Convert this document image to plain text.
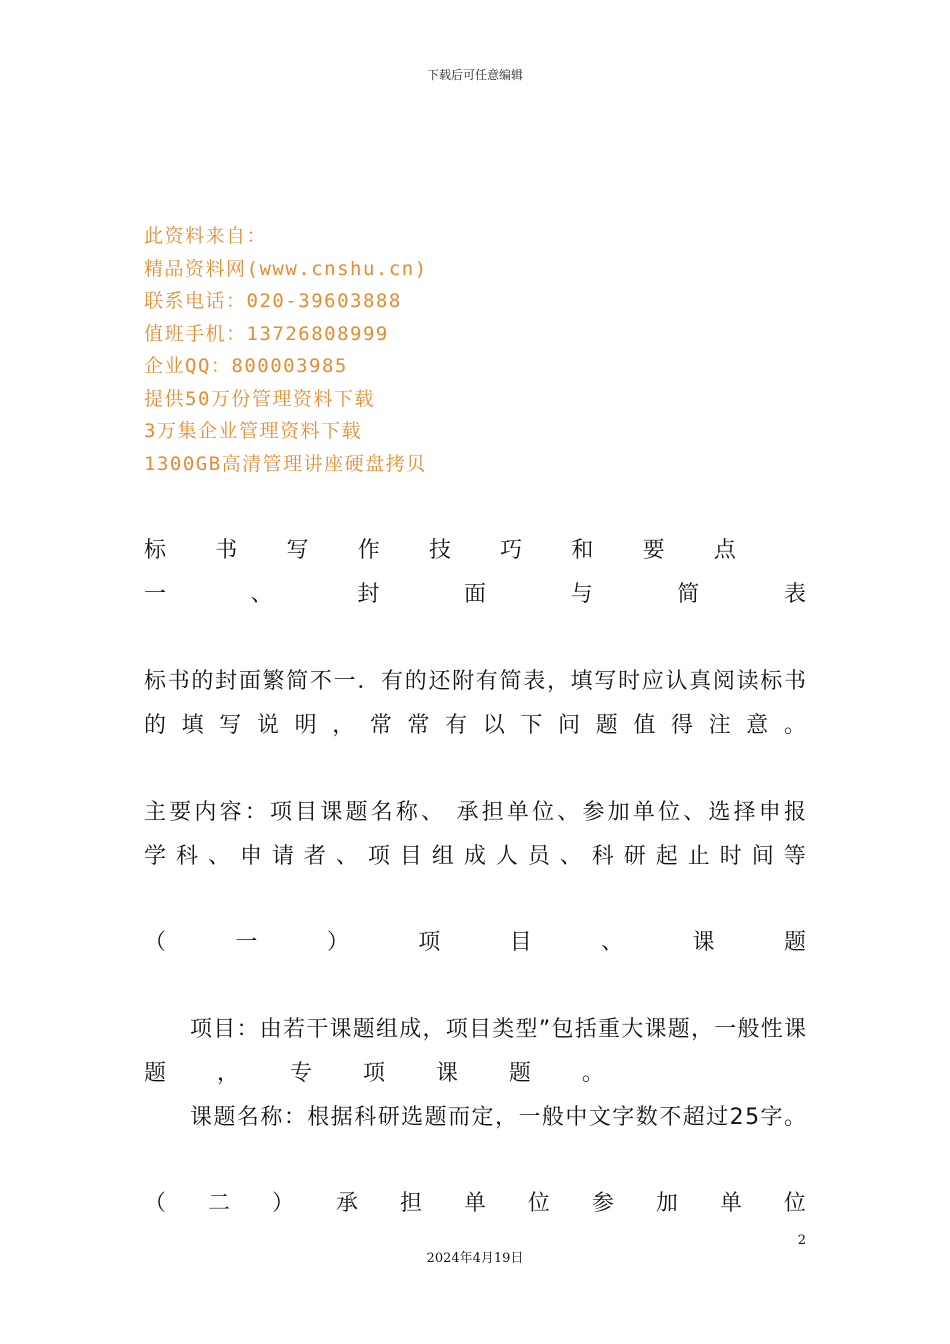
下载后可任意编辑
此资料来自：
精品资料网(www.cnshu.cn)
联系电话：020-39603888
值班手机：13726808999
企业QQ：800003985
提供50万份管理资料下载
3万集企业管理资料下载
1300GB高清管理讲座硬盘拷贝
标 书 写 作 技 巧 和 要 点
一	、	封	面	与	简	表
标书的封面繁简不一．有的还附有简表，填写时应认真阅读标书
的 填 写 说 明 ， 常 常 有 以 下 问 题 值 得 注 意 。
主要内容：项目课题名称、 承担单位、参加单位、选择申报
学 科 、 申 请 者 、 项 目 组 成 人 员 、 科 研 起 止 时 间 等
（	一	）	项	目	、	课	题
项目：由若干课题组成，项目类型”包括重大课题，一般性课
题 ， 专 项 课 题 。
课题名称：根据科研选题而定，一般中文字数不超过25字。
（ 二 ） 承 担 单 位 参 加 单 位
2
2024年4月19日
